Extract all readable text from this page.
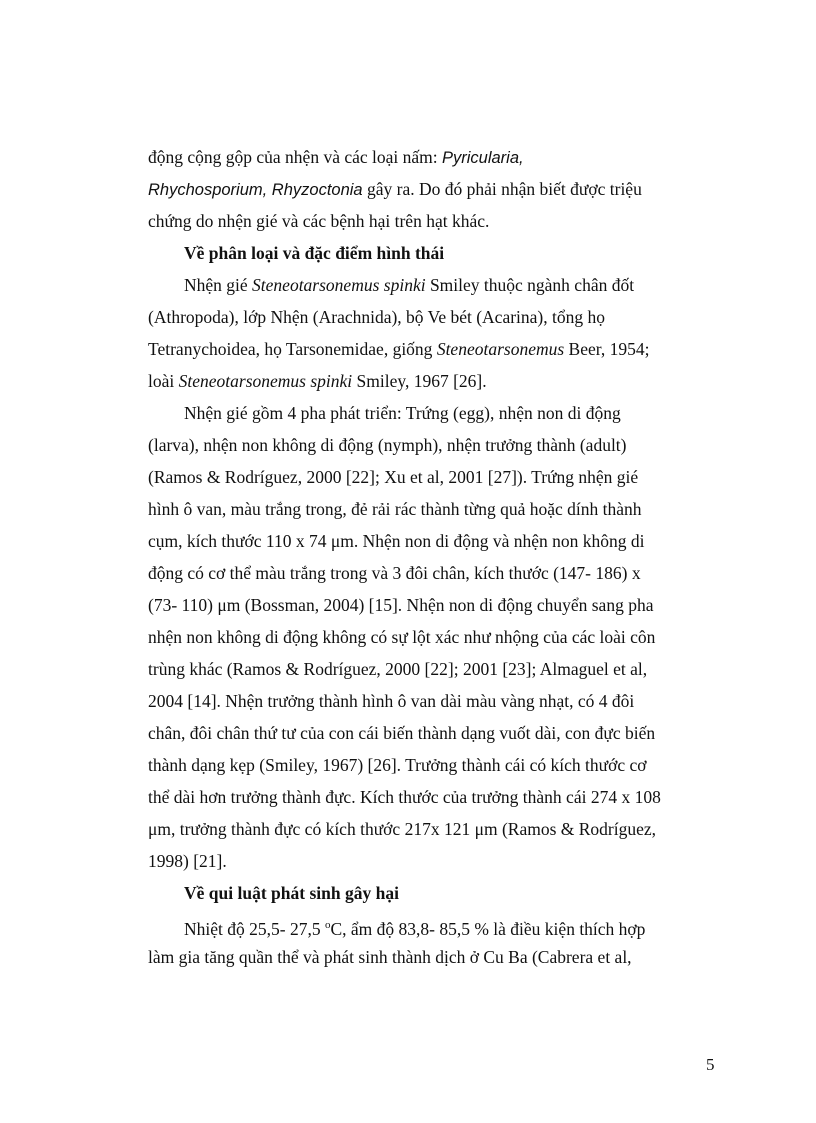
động cộng gộp của nhện và các loại nấm: Pyricularia,
Rhychosporium, Rhyzoctonia gây ra. Do đó phải nhận biết được triệu
chứng do nhện gié và các bệnh hại trên hạt khác.
Về phân loại và đặc điểm hình thái
Nhện gié Steneotarsonemus spinki Smiley thuộc ngành chân đốt
(Athropoda), lớp Nhện (Arachnida), bộ Ve bét (Acarina), tổng họ
Tetranychoidea, họ Tarsonemidae, giống Steneotarsonemus Beer, 1954;
loài Steneotarsonemus spinki Smiley, 1967 [26].
Nhện gié gồm 4 pha phát triển: Trứng (egg), nhện non di động
(larva), nhện non không di động (nymph), nhện trưởng thành (adult)
(Ramos & Rodríguez, 2000 [22]; Xu et al, 2001 [27]). Trứng nhện gié
hình ô van, màu trắng trong, đẻ rải rác thành từng quả hoặc dính thành
cụm, kích thước 110 x 74 μm. Nhện non di động và nhện non không di
động có cơ thể màu trắng trong và 3 đôi chân, kích thước (147- 186) x
(73- 110) μm (Bossman, 2004) [15]. Nhện non di động chuyển sang pha
nhện non không di động không có sự lột xác như nhộng của các loài côn
trùng khác (Ramos & Rodríguez, 2000 [22]; 2001 [23]; Almaguel et al,
2004 [14]. Nhện trưởng thành hình ô van dài màu vàng nhạt, có 4 đôi
chân, đôi chân thứ tư của con cái biến thành dạng vuốt dài, con đực biến
thành dạng kẹp (Smiley, 1967) [26]. Trưởng thành cái có kích thước cơ
thể dài hơn trưởng thành đực. Kích thước của trưởng thành cái 274 x 108
μm, trưởng thành đực có kích thước 217x 121 μm (Ramos & Rodríguez,
1998) [21].
Về qui luật phát sinh gây hại
Nhiệt độ 25,5- 27,5 $^o$C, ẩm độ 83,8- 85,5 % là điều kiện thích hợp
làm gia tăng quần thể và phát sinh thành dịch ở Cu Ba (Cabrera et al,
5
